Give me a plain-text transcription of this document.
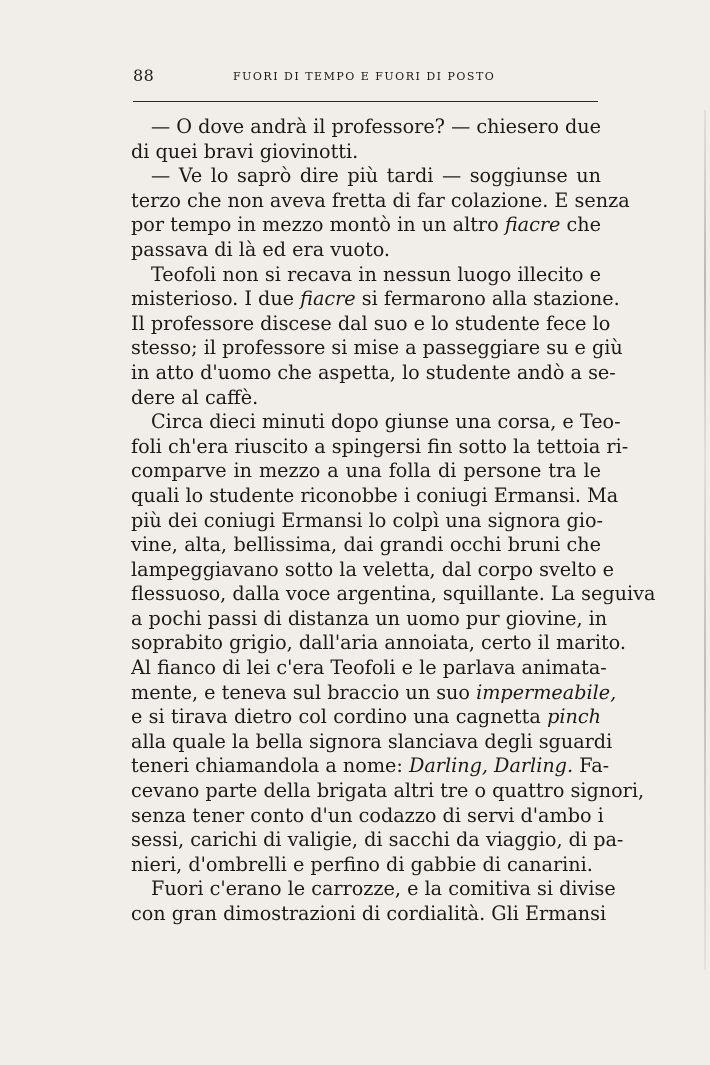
88	FUORI DI TEMPO E FUORI DI POSTO
— O dove andrà il professore? — chiesero due
di quei bravi giovinotti.
— Ve lo saprò dire più tardi — soggiunse un
terzo che non aveva fretta di far colazione. E senza
por tempo in mezzo montò in un altro fiacre che
passava di là ed era vuoto.
Teofoli non si recava in nessun luogo illecito e
misterioso. I due fiacre si fermarono alla stazione.
Il professore discese dal suo e lo studente fece lo
stesso; il professore si mise a passeggiare su e giù
in atto d'uomo che aspetta, lo studente andò a se-
dere al caffè.
Circa dieci minuti dopo giunse una corsa, e Teo-
foli ch'era riuscito a spingersi fin sotto la tettoia ri-
comparve in mezzo a una folla di persone tra le
quali lo studente riconobbe i coniugi Ermansi. Ma
più dei coniugi Ermansi lo colpì una signora gio-
vine, alta, bellissima, dai grandi occhi bruni che
lampeggiavano sotto la veletta, dal corpo svelto e
flessuoso, dalla voce argentina, squillante. La seguiva
a pochi passi di distanza un uomo pur giovine, in
soprabito grigio, dall'aria annoiata, certo il marito.
Al fianco di lei c'era Teofoli e le parlava animata-
mente, e teneva sul braccio un suo impermeabile,
e si tirava dietro col cordino una cagnetta pinch
alla quale la bella signora slanciava degli sguardi
teneri chiamandola a nome: Darling, Darling. Fa-
cevano parte della brigata altri tre o quattro signori,
senza tener conto d'un codazzo di servi d'ambo i
sessi, carichi di valigie, di sacchi da viaggio, di pa-
nieri, d'ombrelli e perfino di gabbie di canarini.
Fuori c'erano le carrozze, e la comitiva si divise
con gran dimostrazioni di cordialità. Gli Ermansi
